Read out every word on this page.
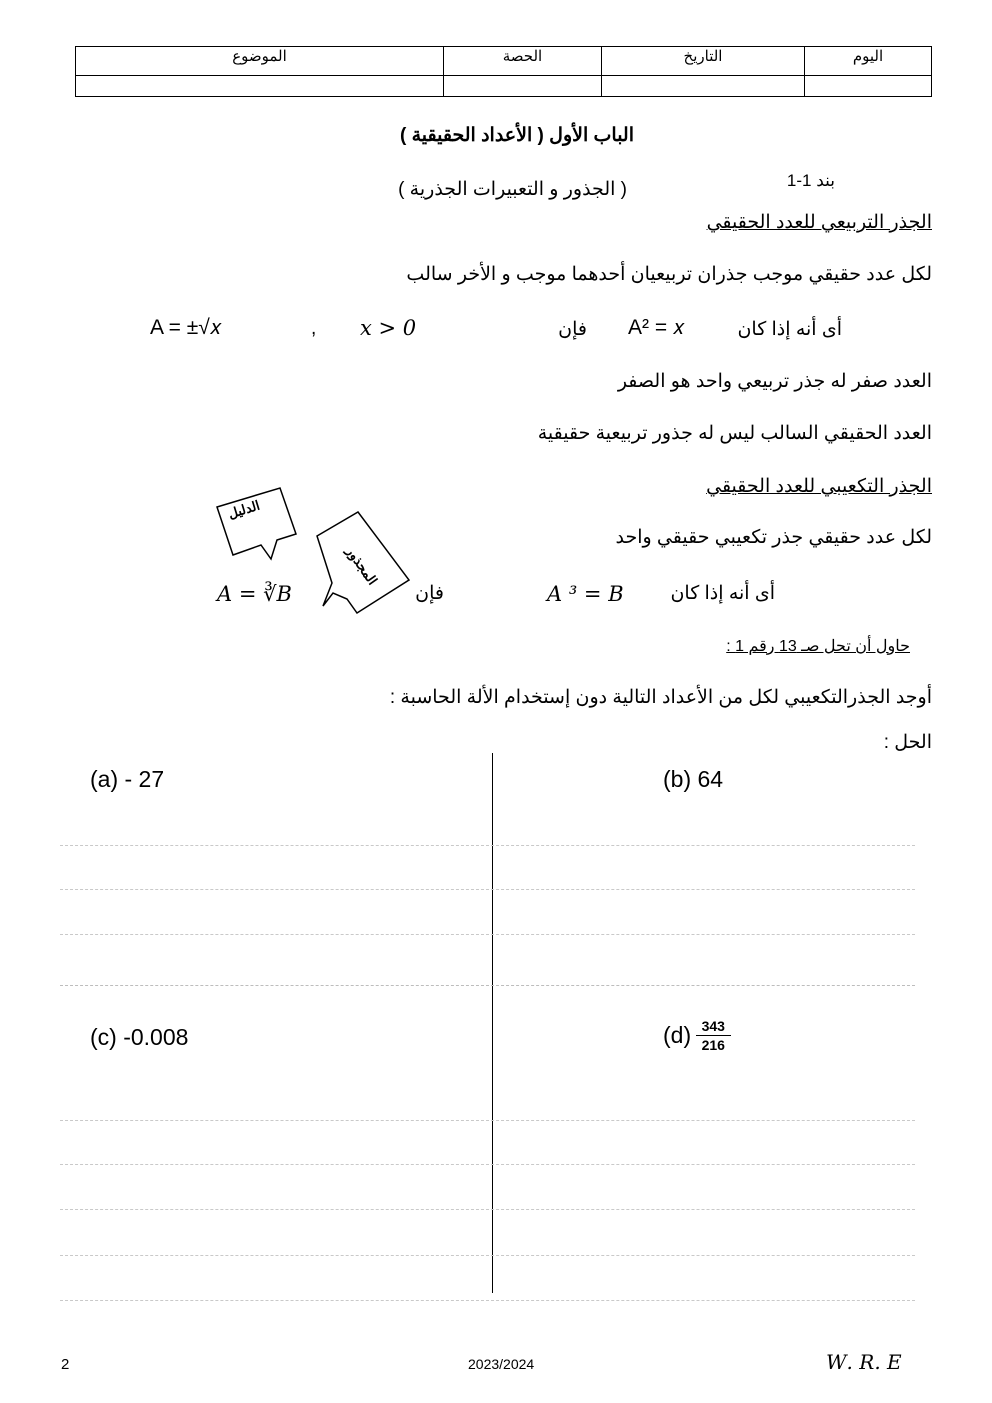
الموضوع	الحصة	التاريخ	اليوم

الباب الأول ( الأعداد الحقيقية )
بند 1-1
( الجذور و التعبيرات الجذرية )
الجذر التربيعي للعدد الحقيقي
لكل عدد حقيقي موجب جذران تربيعيان أحدهما موجب و الأخر سالب
أى أنه إذا كان
A² = 𝑥
فإن
𝑥 > 0
,
A = ±√𝑥
العدد صفر له جذر تربيعي واحد هو الصفر
العدد الحقيقي السالب ليس له جذور تربيعية حقيقية
الجذر التكعيبي للعدد الحقيقي
لكل عدد حقيقي جذر تكعيبي حقيقي واحد
أى أنه إذا كان
𝐴 ³ = 𝐵
فإن
𝐴 = ∛𝐵
الدليل
المجذور
حاول أن تحل صـ 13 رقم 1 :
أوجد الجذرالتكعيبي لكل من الأعداد التالية دون إستخدام الألة الحاسبة :
الحل :
(a) - 27	(b) 64
(c) -0.008	$(d) \frac{343}{216}$
2	2023/2024	𝑊. 𝑅. 𝐸
